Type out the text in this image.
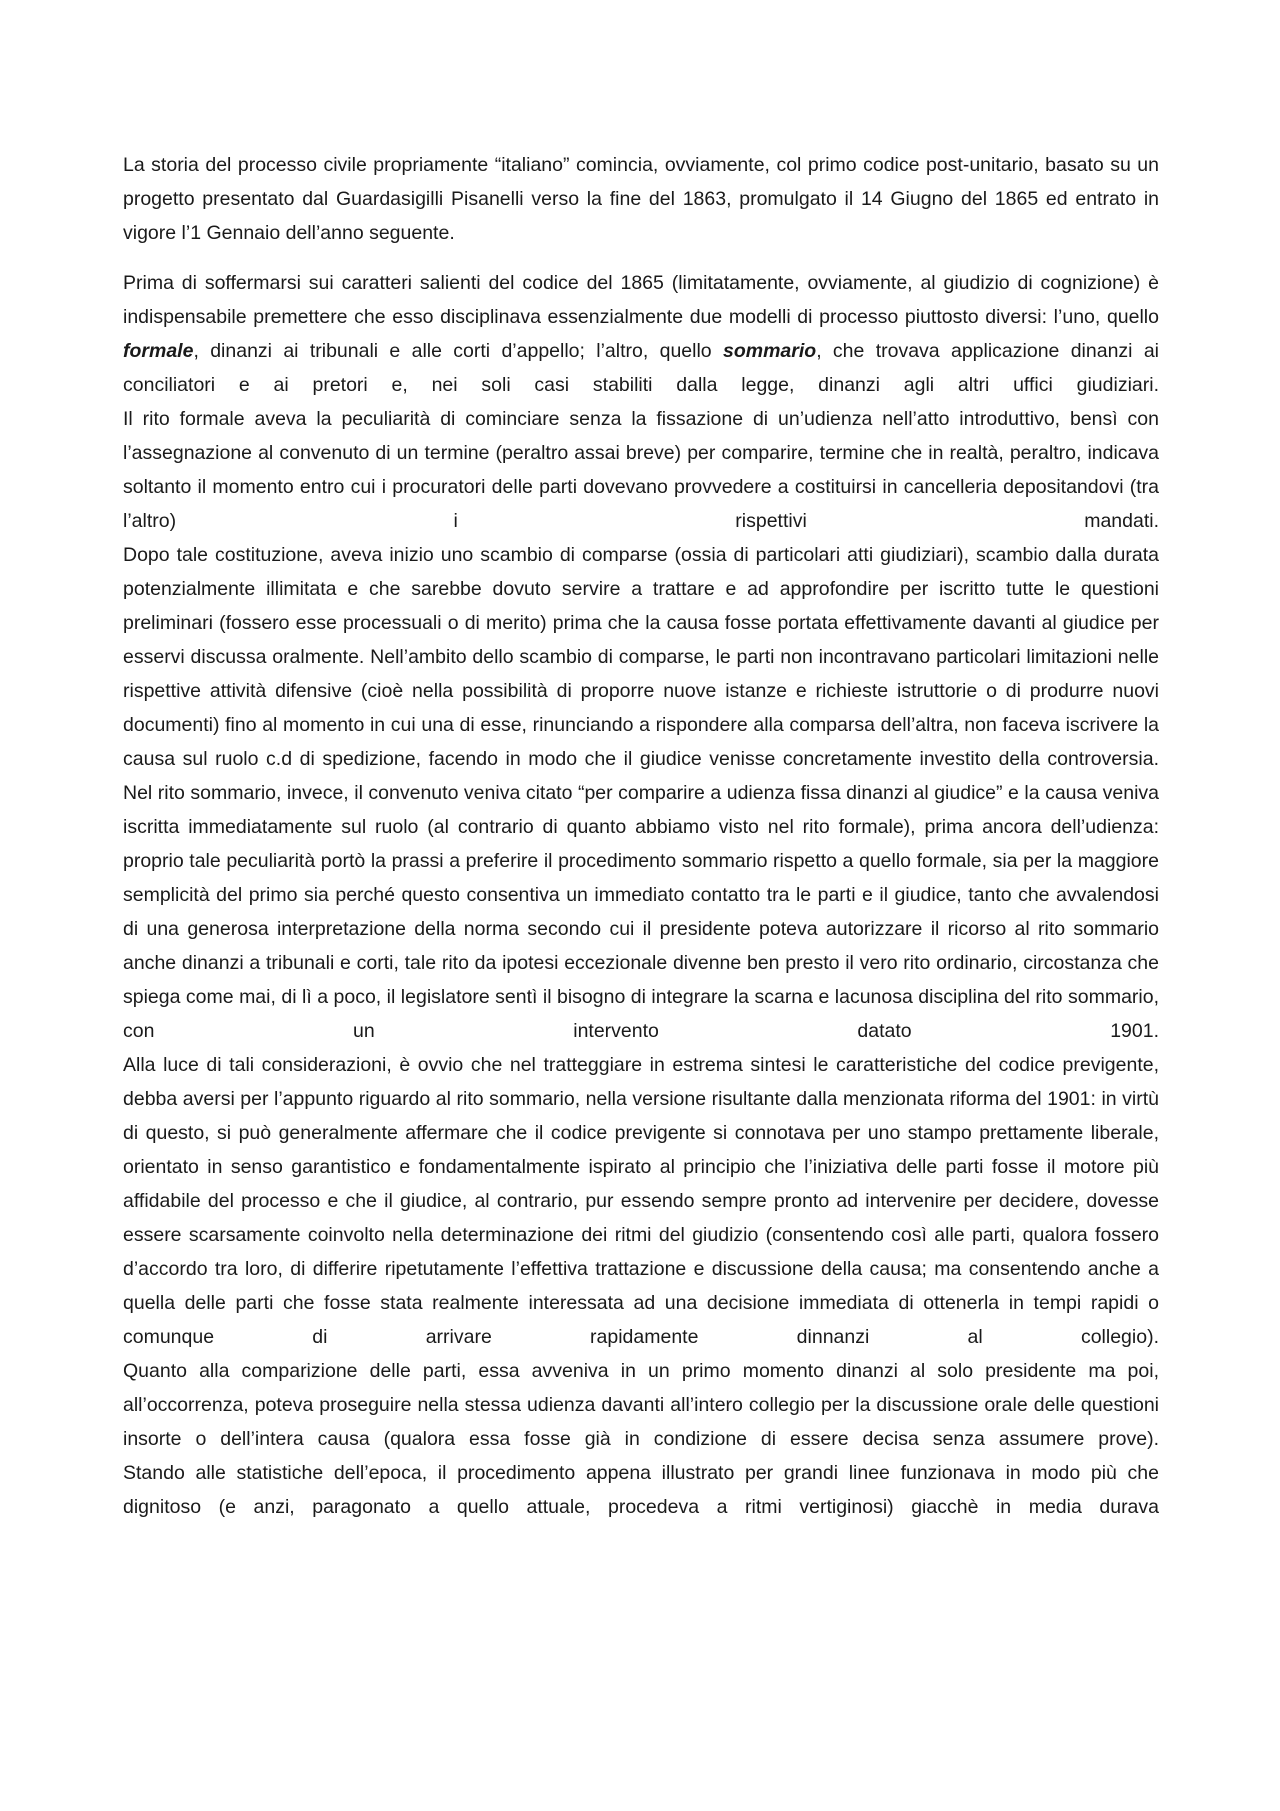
La storia del processo civile propriamente “italiano” comincia, ovviamente, col primo codice post-unitario, basato su un progetto presentato dal Guardasigilli Pisanelli verso la fine del 1863, promulgato il 14 Giugno del 1865 ed entrato in vigore l’1 Gennaio dell’anno seguente.

Prima di soffermarsi sui caratteri salienti del codice del 1865 (limitatamente, ovviamente, al giudizio di cognizione) è indispensabile premettere che esso disciplinava essenzialmente due modelli di processo piuttosto diversi: l’uno, quello formale, dinanzi ai tribunali e alle corti d’appello; l’altro, quello sommario, che trovava applicazione dinanzi ai conciliatori e ai pretori e, nei soli casi stabiliti dalla legge, dinanzi agli altri uffici giudiziari.

Il rito formale aveva la peculiarità di cominciare senza la fissazione di un’udienza nell’atto introduttivo, bensì con l’assegnazione al convenuto di un termine (peraltro assai breve) per comparire, termine che in realtà, peraltro, indicava soltanto il momento entro cui i procuratori delle parti dovevano provvedere a costituirsi in cancelleria depositandovi (tra l’altro) i rispettivi mandati.

Dopo tale costituzione, aveva inizio uno scambio di comparse (ossia di particolari atti giudiziari), scambio dalla durata potenzialmente illimitata e che sarebbe dovuto servire a trattare e ad approfondire per iscritto tutte le questioni preliminari (fossero esse processuali o di merito) prima che la causa fosse portata effettivamente davanti al giudice per esservi discussa oralmente. Nell’ambito dello scambio di comparse, le parti non incontravano particolari limitazioni nelle rispettive attività difensive (cioè nella possibilità di proporre nuove istanze e richieste istruttorie o di produrre nuovi documenti) fino al momento in cui una di esse, rinunciando a rispondere alla comparsa dell’altra, non faceva iscrivere la causa sul ruolo c.d di spedizione, facendo in modo che il giudice venisse concretamente investito della controversia.

Nel rito sommario, invece, il convenuto veniva citato “per comparire a udienza fissa dinanzi al giudice” e la causa veniva iscritta immediatamente sul ruolo (al contrario di quanto abbiamo visto nel rito formale), prima ancora dell’udienza: proprio tale peculiarità portò la prassi a preferire il procedimento sommario rispetto a quello formale, sia per la maggiore semplicità del primo sia perché questo consentiva un immediato contatto tra le parti e il giudice, tanto che avvalendosi di una generosa interpretazione della norma secondo cui il presidente poteva autorizzare il ricorso al rito sommario anche dinanzi a tribunali e corti, tale rito da ipotesi eccezionale divenne ben presto il vero rito ordinario, circostanza che spiega come mai, di lì a poco, il legislatore sentì il bisogno di integrare la scarna e lacunosa disciplina del rito sommario, con un intervento datato 1901.

Alla luce di tali considerazioni, è ovvio che nel tratteggiare in estrema sintesi le caratteristiche del codice previgente, debba aversi per l’appunto riguardo al rito sommario, nella versione risultante dalla menzionata riforma del 1901: in virtù di questo, si può generalmente affermare che il codice previgente si connotava per uno stampo prettamente liberale, orientato in senso garantistico e fondamentalmente ispirato al principio che l’iniziativa delle parti fosse il motore più affidabile del processo e che il giudice, al contrario, pur essendo sempre pronto ad intervenire per decidere, dovesse essere scarsamente coinvolto nella determinazione dei ritmi del giudizio (consentendo così alle parti, qualora fossero d’accordo tra loro, di differire ripetutamente l’effettiva trattazione e discussione della causa; ma consentendo anche a quella delle parti che fosse stata realmente interessata ad una decisione immediata di ottenerla in tempi rapidi o comunque di arrivare rapidamente dinnanzi al collegio).

Quanto alla comparizione delle parti, essa avveniva in un primo momento dinanzi al solo presidente ma poi, all’occorrenza, poteva proseguire nella stessa udienza davanti all’intero collegio per la discussione orale delle questioni insorte o dell’intera causa (qualora essa fosse già in condizione di essere decisa senza assumere prove).

Stando alle statistiche dell’epoca, il procedimento appena illustrato per grandi linee funzionava in modo più che dignitoso (e anzi, paragonato a quello attuale, procedeva a ritmi vertiginosi) giacchè in media durava
